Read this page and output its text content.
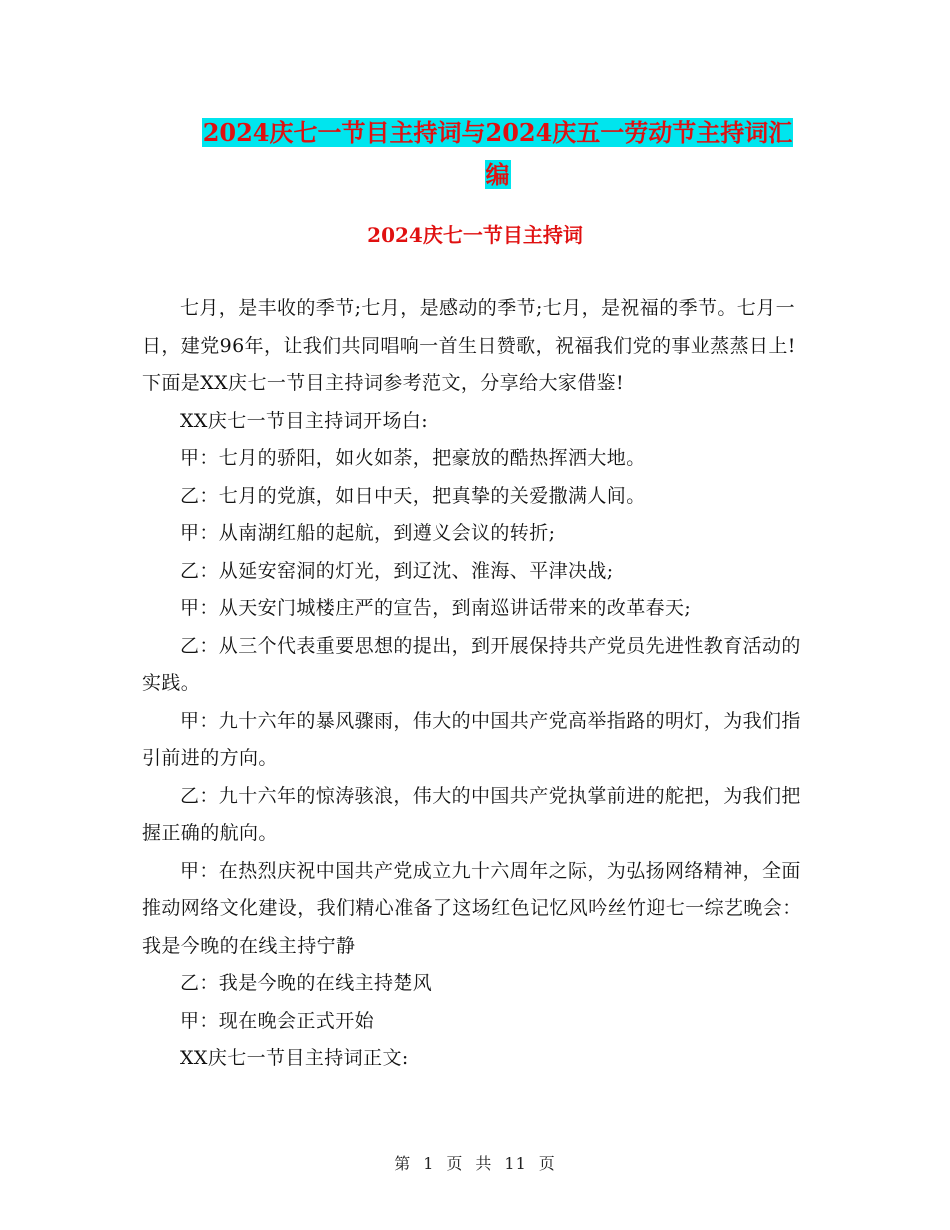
2024庆七一节目主持词与2024庆五一劳动节主持词汇
编
2024庆七一节目主持词

七月，是丰收的季节;七月，是感动的季节;七月，是祝福的季节。七月一日，建党96年，让我们共同唱响一首生日赞歌，祝福我们党的事业蒸蒸日上!下面是XX庆七一节目主持词参考范文，分享给大家借鉴!

XX庆七一节目主持词开场白:

甲：七月的骄阳，如火如荼，把豪放的酷热挥洒大地。

乙：七月的党旗，如日中天，把真挚的关爱撒满人间。

甲：从南湖红船的起航，到遵义会议的转折;

乙：从延安窑洞的灯光，到辽沈、淮海、平津决战;

甲：从天安门城楼庄严的宣告，到南巡讲话带来的改革春天;

乙：从三个代表重要思想的提出，到开展保持共产党员先进性教育活动的实践。

甲：九十六年的暴风骤雨，伟大的中国共产党高举指路的明灯，为我们指引前进的方向。

乙：九十六年的惊涛骇浪，伟大的中国共产党执掌前进的舵把，为我们把握正确的航向。

甲：在热烈庆祝中国共产党成立九十六周年之际，为弘扬网络精神，全面推动网络文化建设，我们精心准备了这场红色记忆风吟丝竹迎七一综艺晚会：我是今晚的在线主持宁静

乙：我是今晚的在线主持楚风

甲：现在晚会正式开始

XX庆七一节目主持词正文:

第 1 页 共 11 页
